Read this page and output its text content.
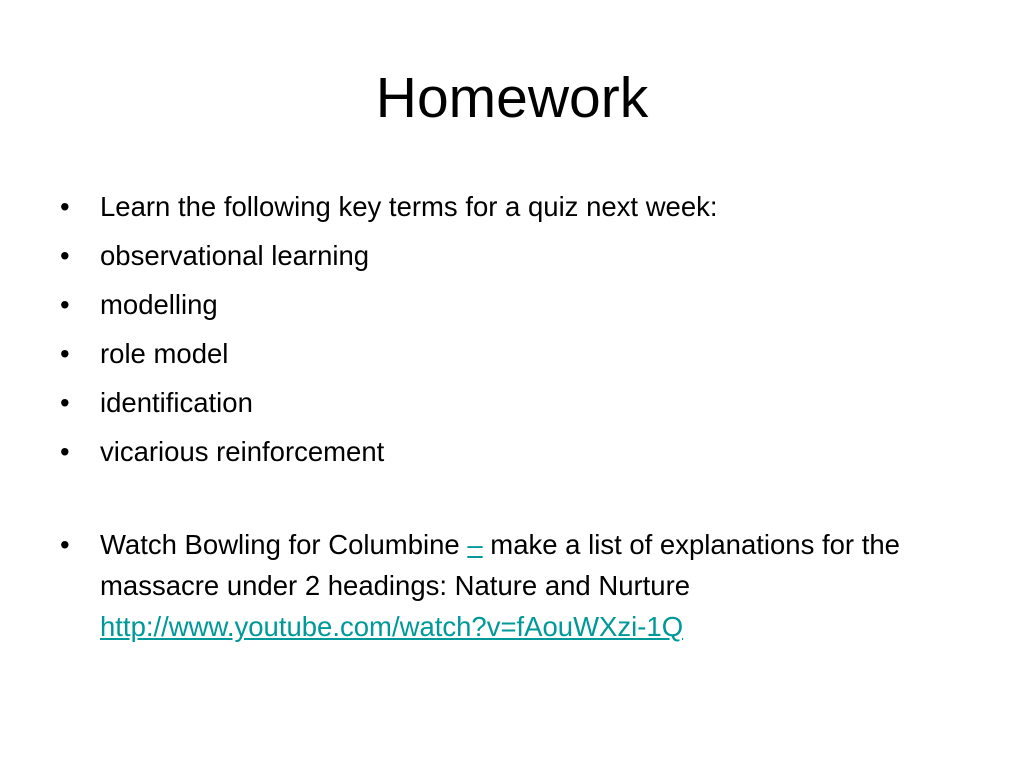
Homework
• Learn the following key terms for a quiz next week:
• observational learning
• modelling
• role model
• identification
• vicarious reinforcement
• Watch Bowling for Columbine – make a list of explanations for the massacre under 2 headings: Nature and Nurture
http://www.youtube.com/watch?v=fAouWXzi-1Q
